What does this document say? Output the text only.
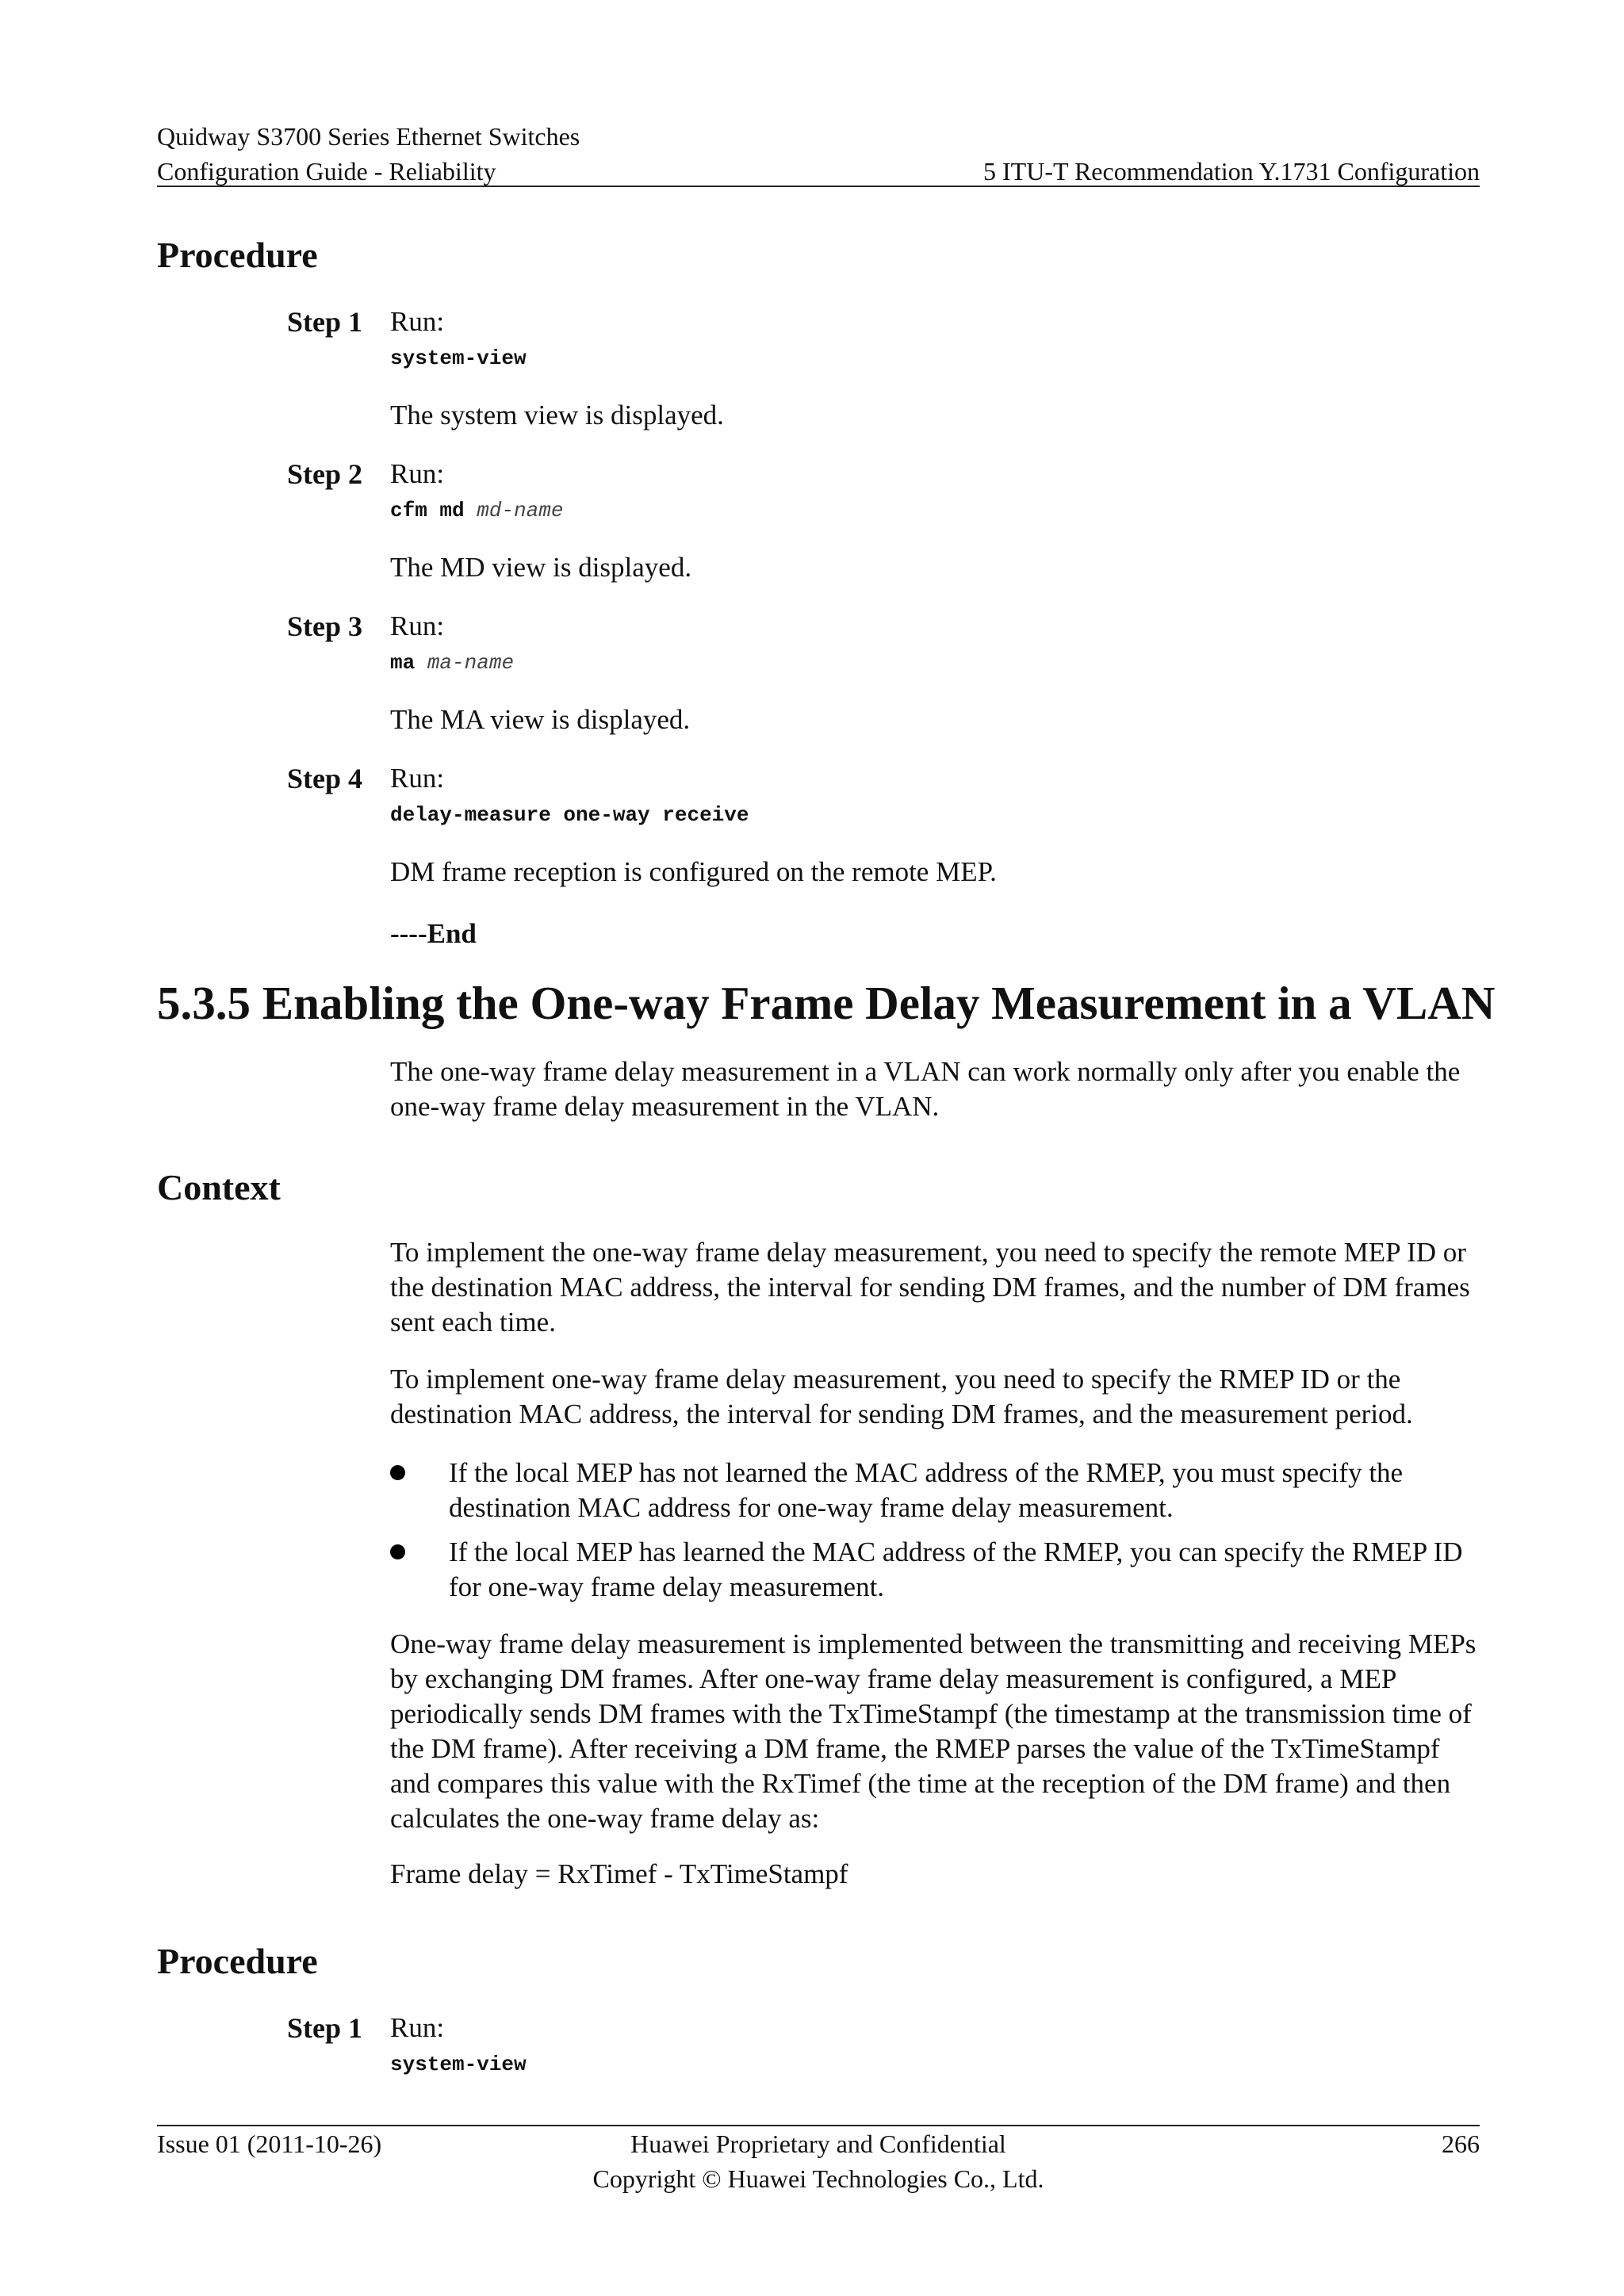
Quidway S3700 Series Ethernet Switches
Configuration Guide - Reliability	5 ITU-T Recommendation Y.1731 Configuration
Procedure
Step 1 Run:
system-view
The system view is displayed.
Step 2 Run:
cfm md md-name
The MD view is displayed.
Step 3 Run:
ma ma-name
The MA view is displayed.
Step 4 Run:
delay-measure one-way receive
DM frame reception is configured on the remote MEP.
----End
5.3.5 Enabling the One-way Frame Delay Measurement in a VLAN
The one-way frame delay measurement in a VLAN can work normally only after you enable the one-way frame delay measurement in the VLAN.
Context
To implement the one-way frame delay measurement, you need to specify the remote MEP ID or the destination MAC address, the interval for sending DM frames, and the number of DM frames sent each time.
To implement one-way frame delay measurement, you need to specify the RMEP ID or the destination MAC address, the interval for sending DM frames, and the measurement period.
If the local MEP has not learned the MAC address of the RMEP, you must specify the destination MAC address for one-way frame delay measurement.
If the local MEP has learned the MAC address of the RMEP, you can specify the RMEP ID for one-way frame delay measurement.
One-way frame delay measurement is implemented between the transmitting and receiving MEPs by exchanging DM frames. After one-way frame delay measurement is configured, a MEP periodically sends DM frames with the TxTimeStampf (the timestamp at the transmission time of the DM frame). After receiving a DM frame, the RMEP parses the value of the TxTimeStampf and compares this value with the RxTimef (the time at the reception of the DM frame) and then calculates the one-way frame delay as:
Frame delay = RxTimef - TxTimeStampf
Procedure
Step 1 Run:
system-view
Issue 01 (2011-10-26)	Huawei Proprietary and Confidential
Copyright © Huawei Technologies Co., Ltd.
266
